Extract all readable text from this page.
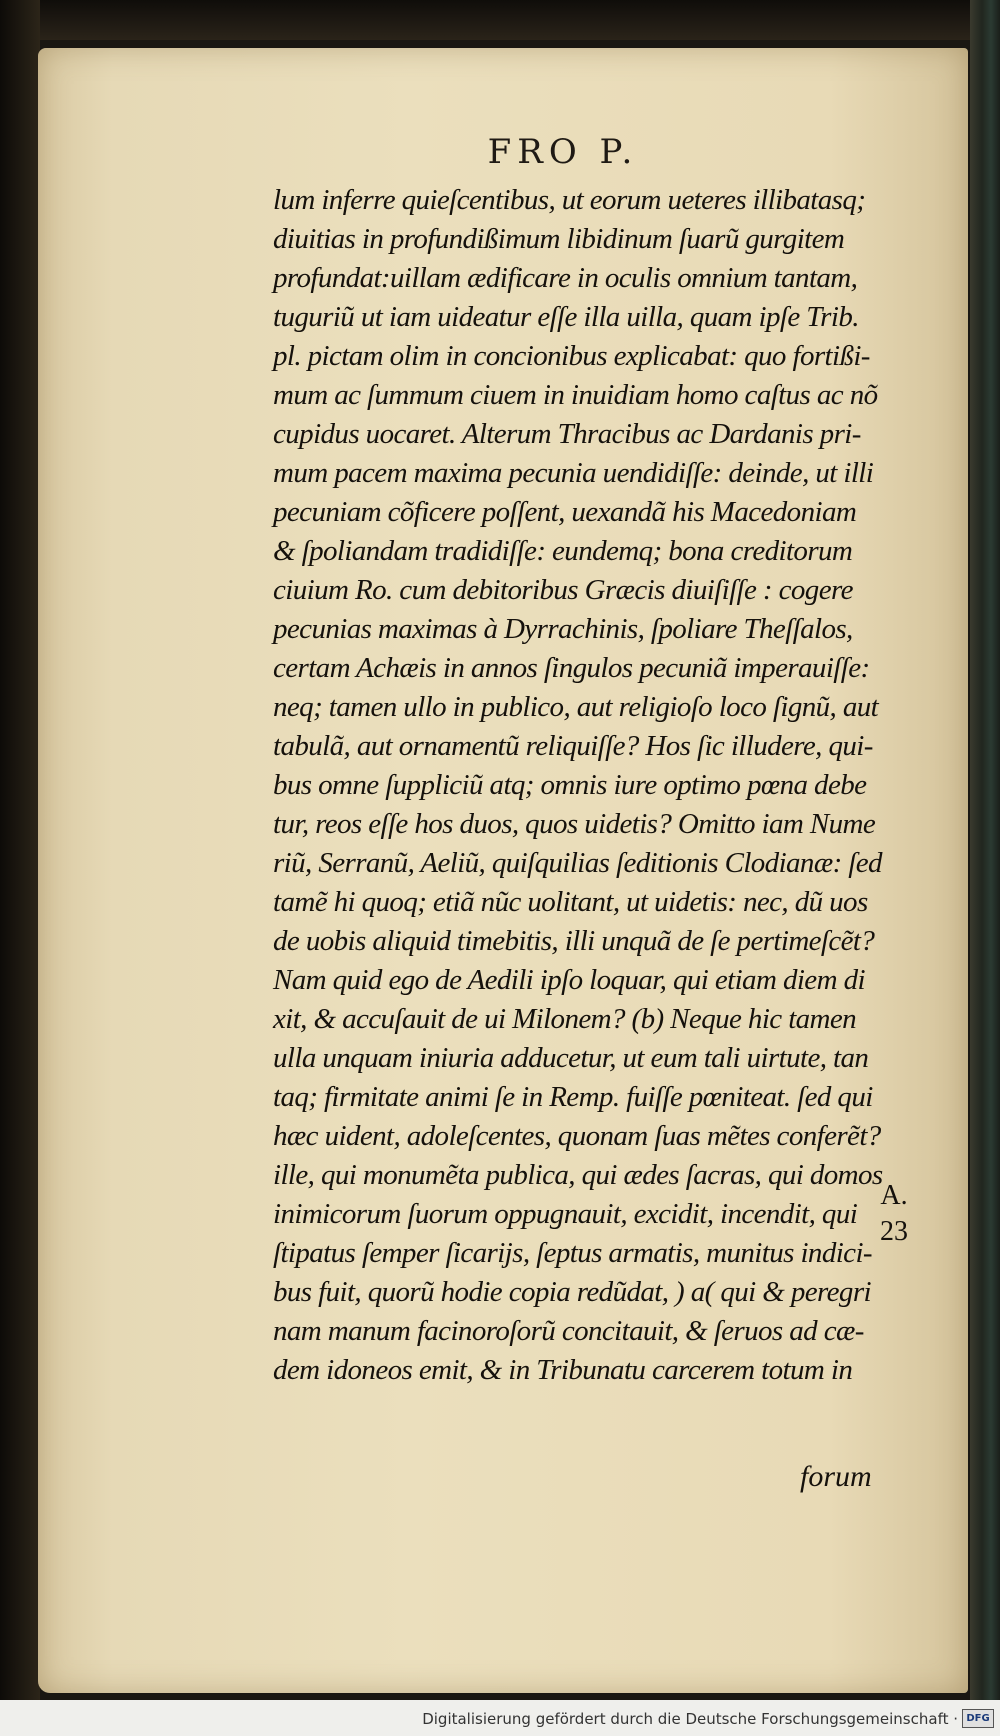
FRO P.
lum inferre quieſcentibus, ut eorum ueteres illibatasq;
diuitias in profundißimum libidinum ſuarũ gurgitem
profundat:uillam ædificare in oculis omnium tantam,
tuguriũ ut iam uideatur eſſe illa uilla, quam ipſe Trib.
pl. pictam olim in concionibus explicabat: quo fortißi-
mum ac ſummum ciuem in inuidiam homo caſtus ac nõ
cupidus uocaret. Alterum Thracibus ac Dardanis pri-
mum pacem maxima pecunia uendidiſſe: deinde, ut illi
pecuniam cõficere poſſent, uexandã his Macedoniam
& ſpoliandam tradidiſſe: eundemq; bona creditorum
ciuium Ro. cum debitoribus Græcis diuiſiſſe : cogere
pecunias maximas à Dyrrachinis, ſpoliare Theſſalos,
certam Achæis in annos ſingulos pecuniã imperauiſſe:
neq; tamen ullo in publico, aut religioſo loco ſignũ, aut
tabulã, aut ornamentũ reliquiſſe? Hos ſic illudere, qui-
bus omne ſuppliciũ atq; omnis iure optimo pœna debe
tur, reos eſſe hos duos, quos uidetis? Omitto iam Nume
riũ, Serranũ, Aeliũ, quiſquilias ſeditionis Clodianæ: ſed
tamẽ hi quoq; etiã nũc uolitant, ut uidetis: nec, dũ uos
de uobis aliquid timebitis, illi unquã de ſe pertimeſcẽt?
Nam quid ego de Aedili ipſo loquar, qui etiam diem di
xit, & accuſauit de ui Milonem? (b) Neque hic tamen
ulla unquam iniuria adducetur, ut eum tali uirtute, tan
taq; firmitate animi ſe in Remp. fuiſſe pœniteat. ſed qui
hæc uident, adoleſcentes, quonam ſuas mẽtes conferẽt?
ille, qui monumẽta publica, qui ædes ſacras, qui domos
inimicorum ſuorum oppugnauit, excidit, incendit, qui
ſtipatus ſemper ſicarijs, ſeptus armatis, munitus indici-
bus fuit, quorũ hodie copia redũdat, ) a( qui & peregri
nam manum facinoroſorũ concitauit, & ſeruos ad cæ-
dem idoneos emit, & in Tribunatu carcerem totum in
forum
A.
23
Digitalisierung gefördert durch die Deutsche Forschungsgemeinschaft · DFG
